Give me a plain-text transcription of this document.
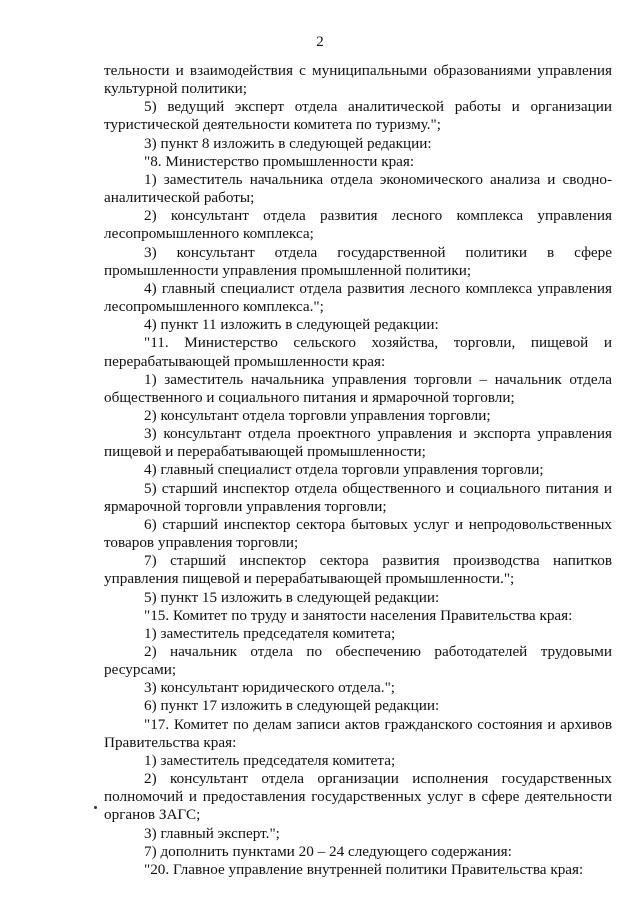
2

тельности и взаимодействия с муниципальными образованиями управления культурной политики;

5) ведущий эксперт отдела аналитической работы и организации туристической деятельности комитета по туризму.";

3) пункт 8 изложить в следующей редакции:

"8. Министерство промышленности края:

1) заместитель начальника отдела экономического анализа и сводно-аналитической работы;

2) консультант отдела развития лесного комплекса управления лесопромышленного комплекса;

3) консультант отдела государственной политики в сфере промышленности управления промышленной политики;

4) главный специалист отдела развития лесного комплекса управления лесопромышленного комплекса.";

4) пункт 11 изложить в следующей редакции:

"11. Министерство сельского хозяйства, торговли, пищевой и перерабатывающей промышленности края:

1) заместитель начальника управления торговли – начальник отдела общественного и социального питания и ярмарочной торговли;

2) консультант отдела торговли управления торговли;

3) консультант отдела проектного управления и экспорта управления пищевой и перерабатывающей промышленности;

4) главный специалист отдела торговли управления торговли;

5) старший инспектор отдела общественного и социального питания и ярмарочной торговли управления торговли;

6) старший инспектор сектора бытовых услуг и непродовольственных товаров управления торговли;

7) старший инспектор сектора развития производства напитков управления пищевой и перерабатывающей промышленности.";

5) пункт 15 изложить в следующей редакции:

"15. Комитет по труду и занятости населения Правительства края:

1) заместитель председателя комитета;

2) начальник отдела по обеспечению работодателей трудовыми ресурсами;

3) консультант юридического отдела.";

6) пункт 17 изложить в следующей редакции:

"17. Комитет по делам записи актов гражданского состояния и архивов Правительства края:

1) заместитель председателя комитета;

2) консультант отдела организации исполнения государственных полномочий и предоставления государственных услуг в сфере деятельности органов ЗАГС;

3) главный эксперт.";

7) дополнить пунктами 20 – 24 следующего содержания:

"20. Главное управление внутренней политики Правительства края:
